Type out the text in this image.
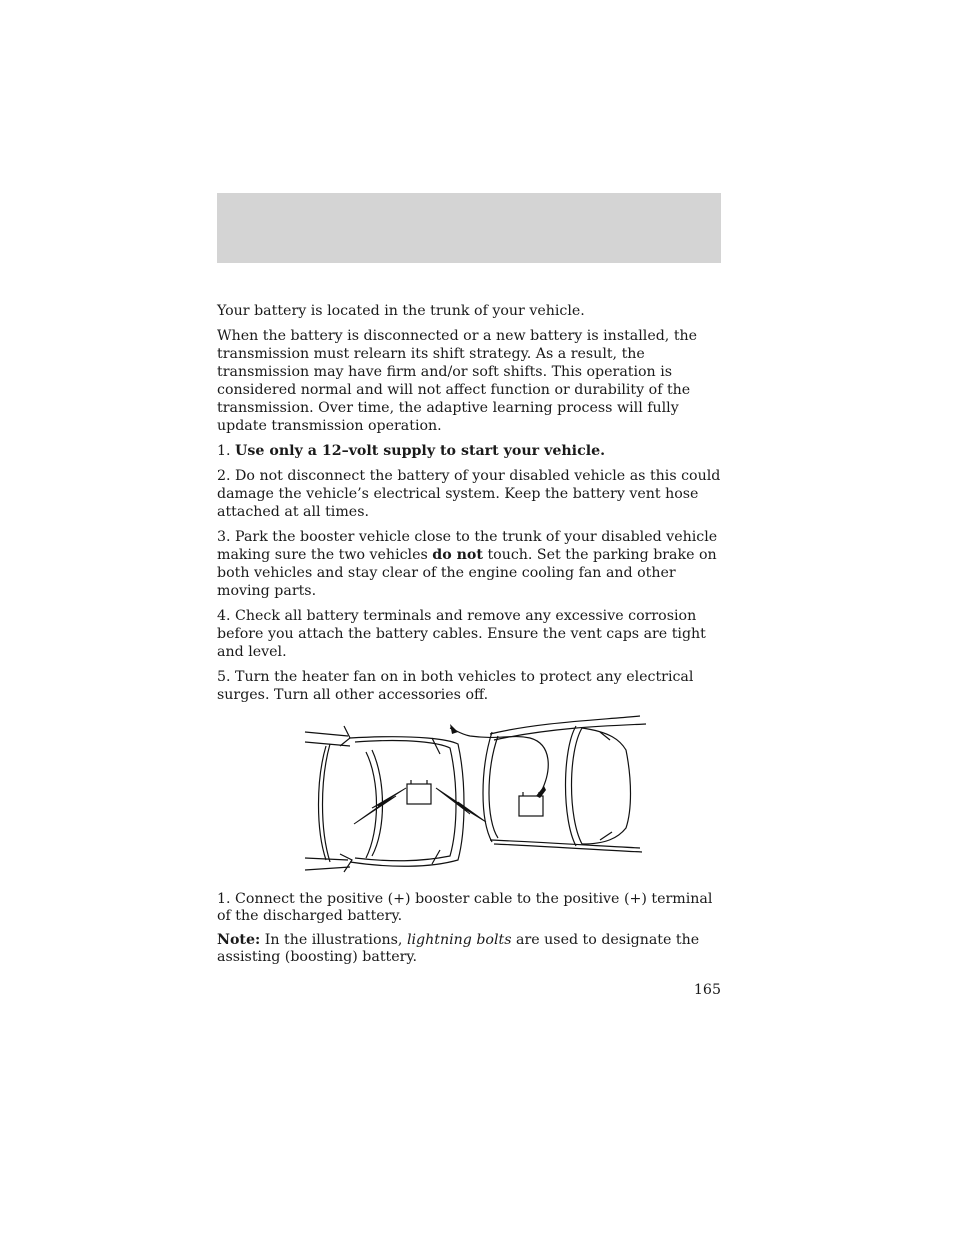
Your battery is located in the trunk of your vehicle.

When the battery is disconnected or a new battery is installed, the transmission must relearn its shift strategy. As a result, the transmission may have firm and/or soft shifts. This operation is considered normal and will not affect function or durability of the transmission. Over time, the adaptive learning process will fully update transmission operation.

1. Use only a 12–volt supply to start your vehicle.

2. Do not disconnect the battery of your disabled vehicle as this could damage the vehicle’s electrical system. Keep the battery vent hose attached at all times.

3. Park the booster vehicle close to the trunk of your disabled vehicle making sure the two vehicles do not touch. Set the parking brake on both vehicles and stay clear of the engine cooling fan and other moving parts.

4. Check all battery terminals and remove any excessive corrosion before you attach the battery cables. Ensure the vent caps are tight and level.

5. Turn the heater fan on in both vehicles to protect any electrical surges. Turn all other accessories off.

1. Connect the positive (+) booster cable to the positive (+) terminal of the discharged battery.

Note: In the illustrations, lightning bolts are used to designate the assisting (boosting) battery.

165
